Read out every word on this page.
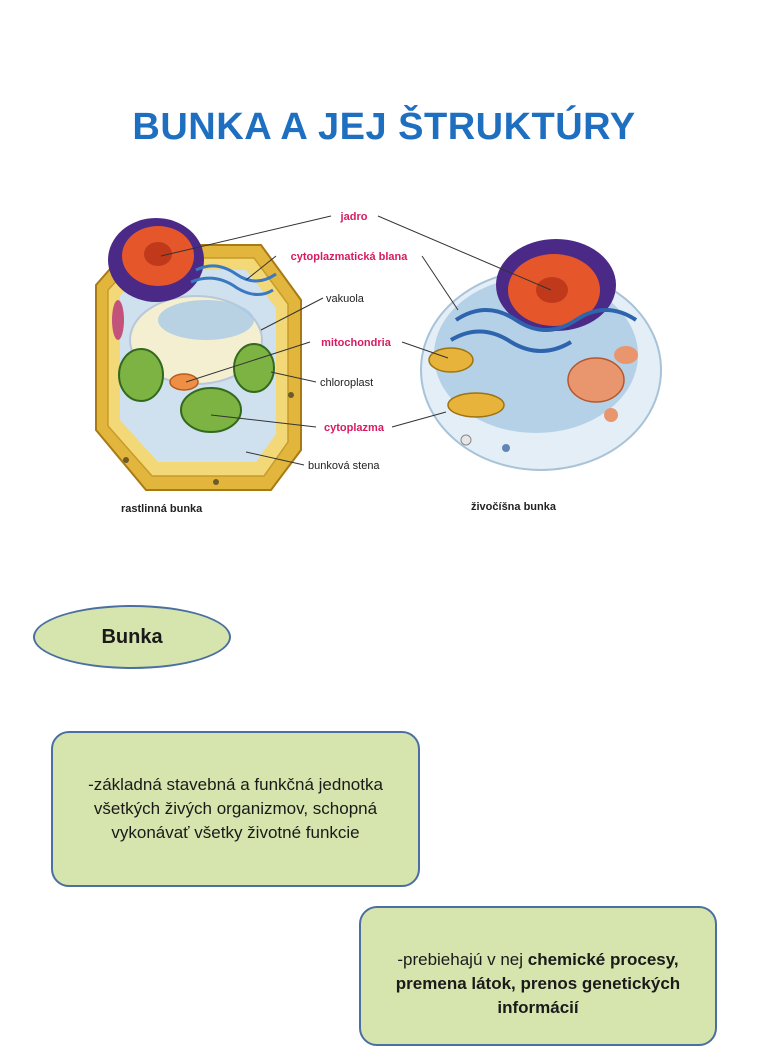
BUNKA A JEJ ŠTRUKTÚRY
jadro
cytoplazmatická blana
vakuola
mitochondria
chloroplast
cytoplazma
bunková stena
rastlinná bunka	živočíšna bunka
Bunka
-základná stavebná a funkčná jednotka všetkých živých organizmov, schopná vykonávať všetky životné funkcie
-prebiehajú v nej chemické procesy, premena látok, prenos genetických informácií
